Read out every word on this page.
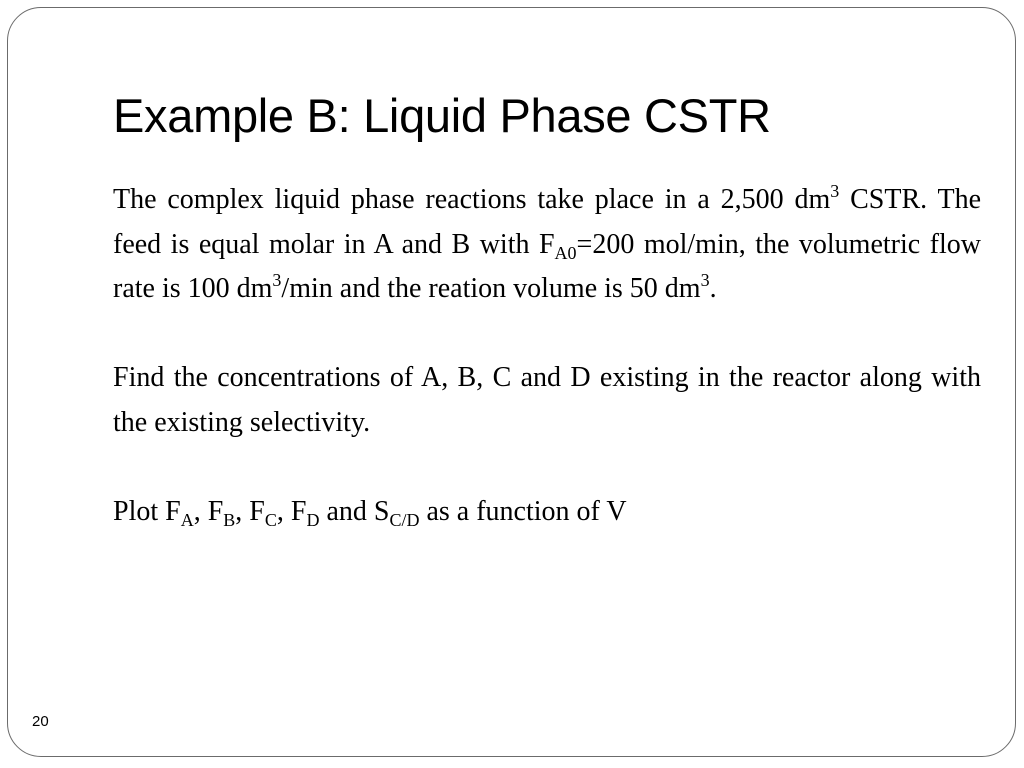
Example B: Liquid Phase CSTR

The complex liquid phase reactions take place in a 2,500 $dm^3$ CSTR. The feed is equal molar in A and B with $F_{A0}=200$ mol/min, the volumetric flow rate is 100 $dm^3/\min$ and the reation volume is 50 $dm^3$.

Find the concentrations of A, B, C and D existing in the reactor along with the existing selectivity.

Plot $F_A$, $F_B$, $F_C$, $F_D$ and $S_{C/D}$ as a function of V

20
